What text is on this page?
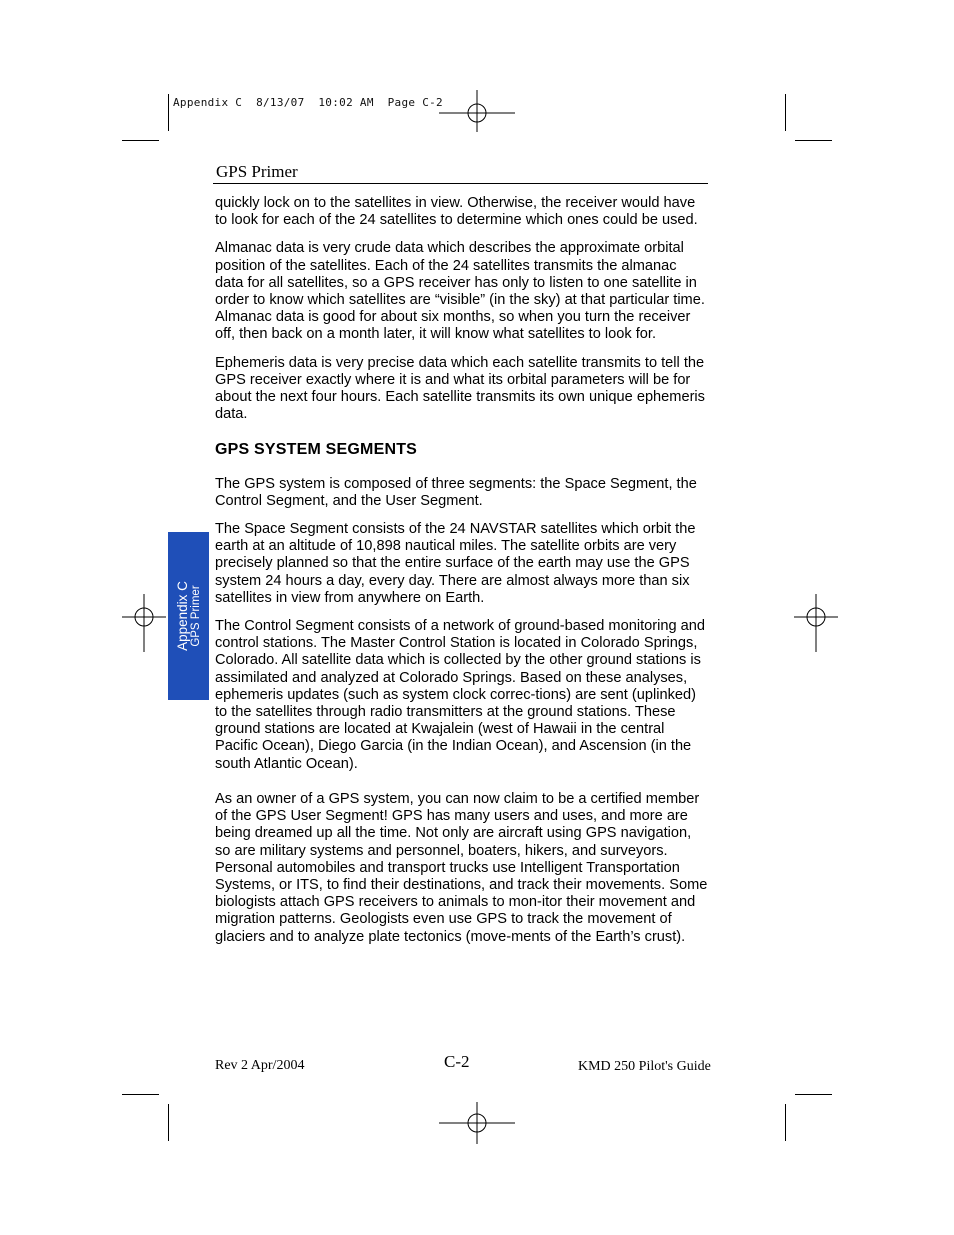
Appendix C  8/13/07  10:02 AM  Page C-2
GPS Primer
Appendix C GPS Primer

quickly lock on to the satellites in view. Otherwise, the receiver would have to look for each of the 24 satellites to determine which ones could be used.

Almanac data is very crude data which describes the approximate orbital position of the satellites. Each of the 24 satellites transmits the almanac data for all satellites, so a GPS receiver has only to listen to one satellite in order to know which satellites are “visible” (in the sky) at that particular time. Almanac data is good for about six months, so when you turn the receiver off, then back on a month later, it will know what satellites to look for.

Ephemeris data is very precise data which each satellite transmits to tell the GPS receiver exactly where it is and what its orbital parameters will be for about the next four hours. Each satellite transmits its own unique ephemeris data.

GPS SYSTEM SEGMENTS

The GPS system is composed of three segments: the Space Segment, the Control Segment, and the User Segment.

The Space Segment consists of the 24 NAVSTAR satellites which orbit the earth at an altitude of 10,898 nautical miles. The satellite orbits are very precisely planned so that the entire surface of the earth may use the GPS system 24 hours a day, every day. There are almost always more than six satellites in view from anywhere on Earth.

The Control Segment consists of a network of ground-based monitoring and control stations. The Master Control Station is located in Colorado Springs, Colorado. All satellite data which is collected by the other ground stations is assimilated and analyzed at Colorado Springs. Based on these analyses, ephemeris updates (such as system clock correc-tions) are sent (uplinked) to the satellites through radio transmitters at the ground stations. These ground stations are located at Kwajalein (west of Hawaii in the central Pacific Ocean), Diego Garcia (in the Indian Ocean), and Ascension (in the south Atlantic Ocean).

As an owner of a GPS system, you can now claim to be a certified member of the GPS User Segment! GPS has many users and uses, and more are being dreamed up all the time. Not only are aircraft using GPS navigation, so are military systems and personnel, boaters, hikers, and surveyors. Personal automobiles and transport trucks use Intelligent Transportation Systems, or ITS, to find their destinations, and track their movements. Some biologists attach GPS receivers to animals to mon-itor their movement and migration patterns. Geologists even use GPS to track the movement of glaciers and to analyze plate tectonics (move-ments of the Earth’s crust).

Rev 2 Apr/2004	C-2	KMD 250 Pilot's Guide
